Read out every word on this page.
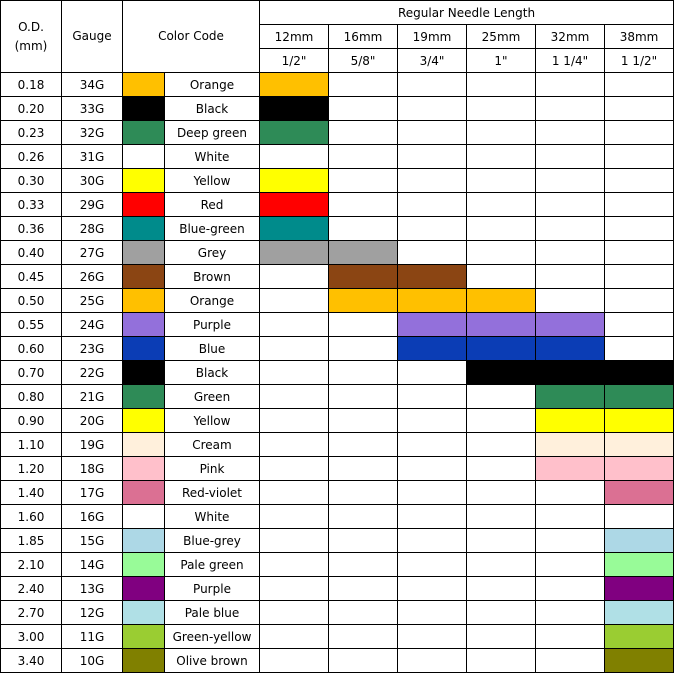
O.D. (mm)	Gauge	Color Code		Regular Needle Length					
				12mm	16mm	19mm	25mm	32mm	38mm
				1/2"	5/8"	3/4"	1"	1 1/4"	1 1/2"
0.18	34G		Orange						
0.20	33G		Black						
0.23	32G		Deep green						
0.26	31G		White						
0.30	30G		Yellow						
0.33	29G		Red						
0.36	28G		Blue-green						
0.40	27G		Grey						
0.45	26G		Brown						
0.50	25G		Orange						
0.55	24G		Purple						
0.60	23G		Blue						
0.70	22G		Black						
0.80	21G		Green						
0.90	20G		Yellow						
1.10	19G		Cream						
1.20	18G		Pink						
1.40	17G		Red-violet						
1.60	16G		White						
1.85	15G		Blue-grey						
2.10	14G		Pale green						
2.40	13G		Purple						
2.70	12G		Pale blue						
3.00	11G		Green-yellow						
3.40	10G		Olive brown						
